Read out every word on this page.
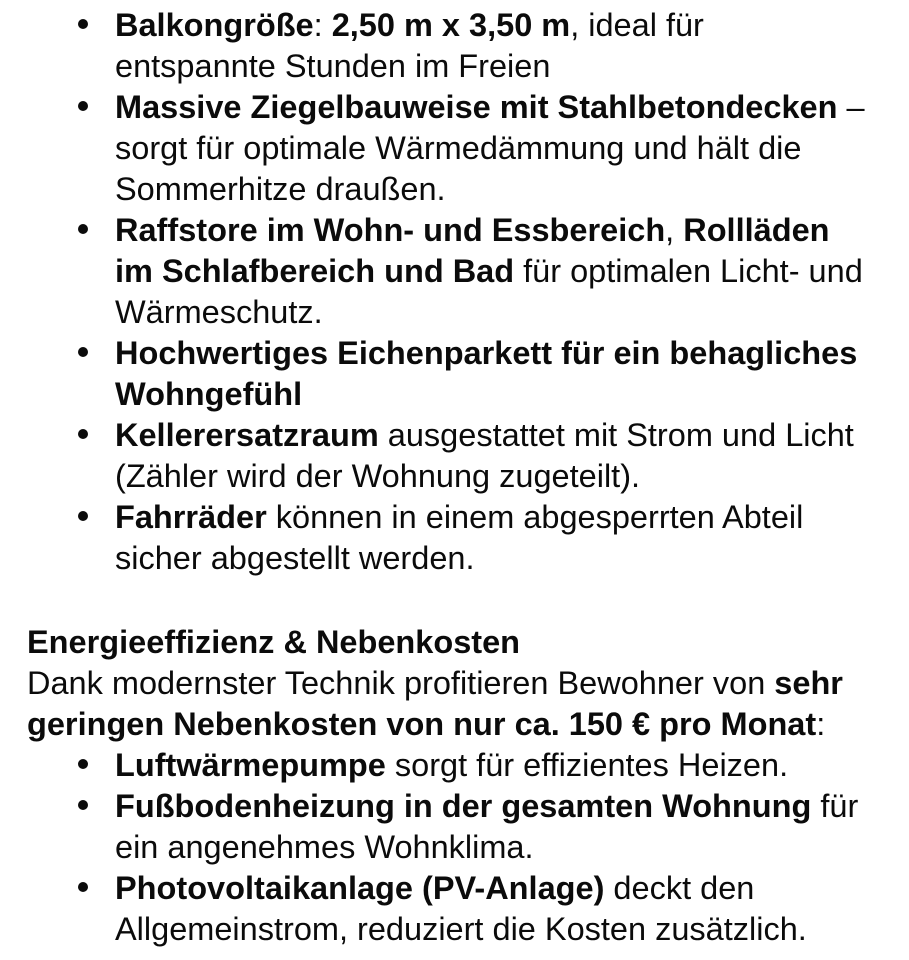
Balkongröße: 2,50 m x 3,50 m, ideal für
entspannte Stunden im Freien
Massive Ziegelbauweise mit Stahlbetondecken –
sorgt für optimale Wärmedämmung und hält die
Sommerhitze draußen.
Raffstore im Wohn- und Essbereich, Rollläden
im Schlafbereich und Bad für optimalen Licht- und
Wärmeschutz.
Hochwertiges Eichenparkett für ein behagliches
Wohngefühl
Kellerersatzraum ausgestattet mit Strom und Licht
(Zähler wird der Wohnung zugeteilt).
Fahrräder können in einem abgesperrten Abteil
sicher abgestellt werden.
Energieeffizienz & Nebenkosten

Dank modernster Technik profitieren Bewohner von sehr
geringen Nebenkosten von nur ca. 150 € pro Monat:

Luftwärmepumpe sorgt für effizientes Heizen.
Fußbodenheizung in der gesamten Wohnung für
ein angenehmes Wohnklima.
Photovoltaikanlage (PV-Anlage) deckt den
Allgemeinstrom, reduziert die Kosten zusätzlich.
